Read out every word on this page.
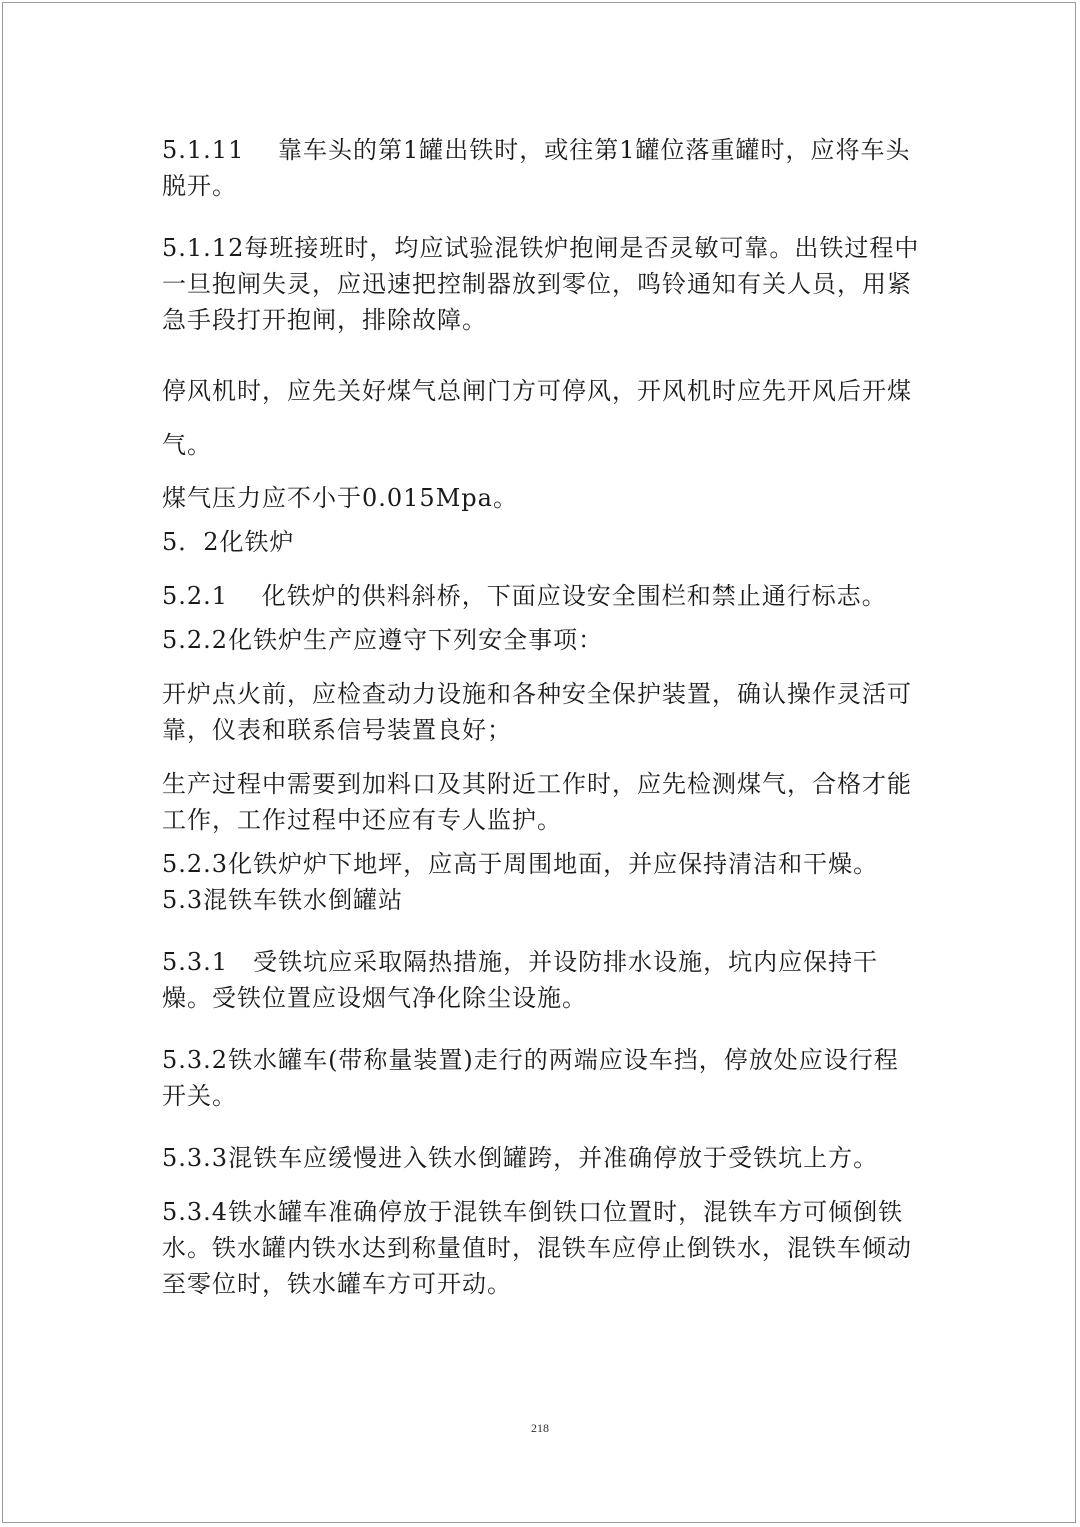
5.1.11　 靠车头的第1罐出铁时，或往第1罐位落重罐时，应将车头脱开。

5.1.12每班接班时，均应试验混铁炉抱闸是否灵敏可靠。出铁过程中一旦抱闸失灵，应迅速把控制器放到零位，鸣铃通知有关人员，用紧急手段打开抱闸，排除故障。

停风机时，应先关好煤气总闸门方可停风，开风机时应先开风后开煤气。

煤气压力应不小于0.015Mpa。

5．2化铁炉

5.2.1　 化铁炉的供料斜桥，下面应设安全围栏和禁止通行标志。

5.2.2化铁炉生产应遵守下列安全事项：

开炉点火前，应检查动力设施和各种安全保护装置，确认操作灵活可靠，仪表和联系信号装置良好；

生产过程中需要到加料口及其附近工作时，应先检测煤气，合格才能工作，工作过程中还应有专人监护。

5.2.3化铁炉炉下地坪，应高于周围地面，并应保持清洁和干燥。

5.3混铁车铁水倒罐站

5.3.1　受铁坑应采取隔热措施，并设防排水设施，坑内应保持干燥。受铁位置应设烟气净化除尘设施。

5.3.2铁水罐车(带称量装置)走行的两端应设车挡，停放处应设行程开关。

5.3.3混铁车应缓慢进入铁水倒罐跨，并准确停放于受铁坑上方。

5.3.4铁水罐车准确停放于混铁车倒铁口位置时，混铁车方可倾倒铁水。铁水罐内铁水达到称量值时，混铁车应停止倒铁水，混铁车倾动至零位时，铁水罐车方可开动。

218
